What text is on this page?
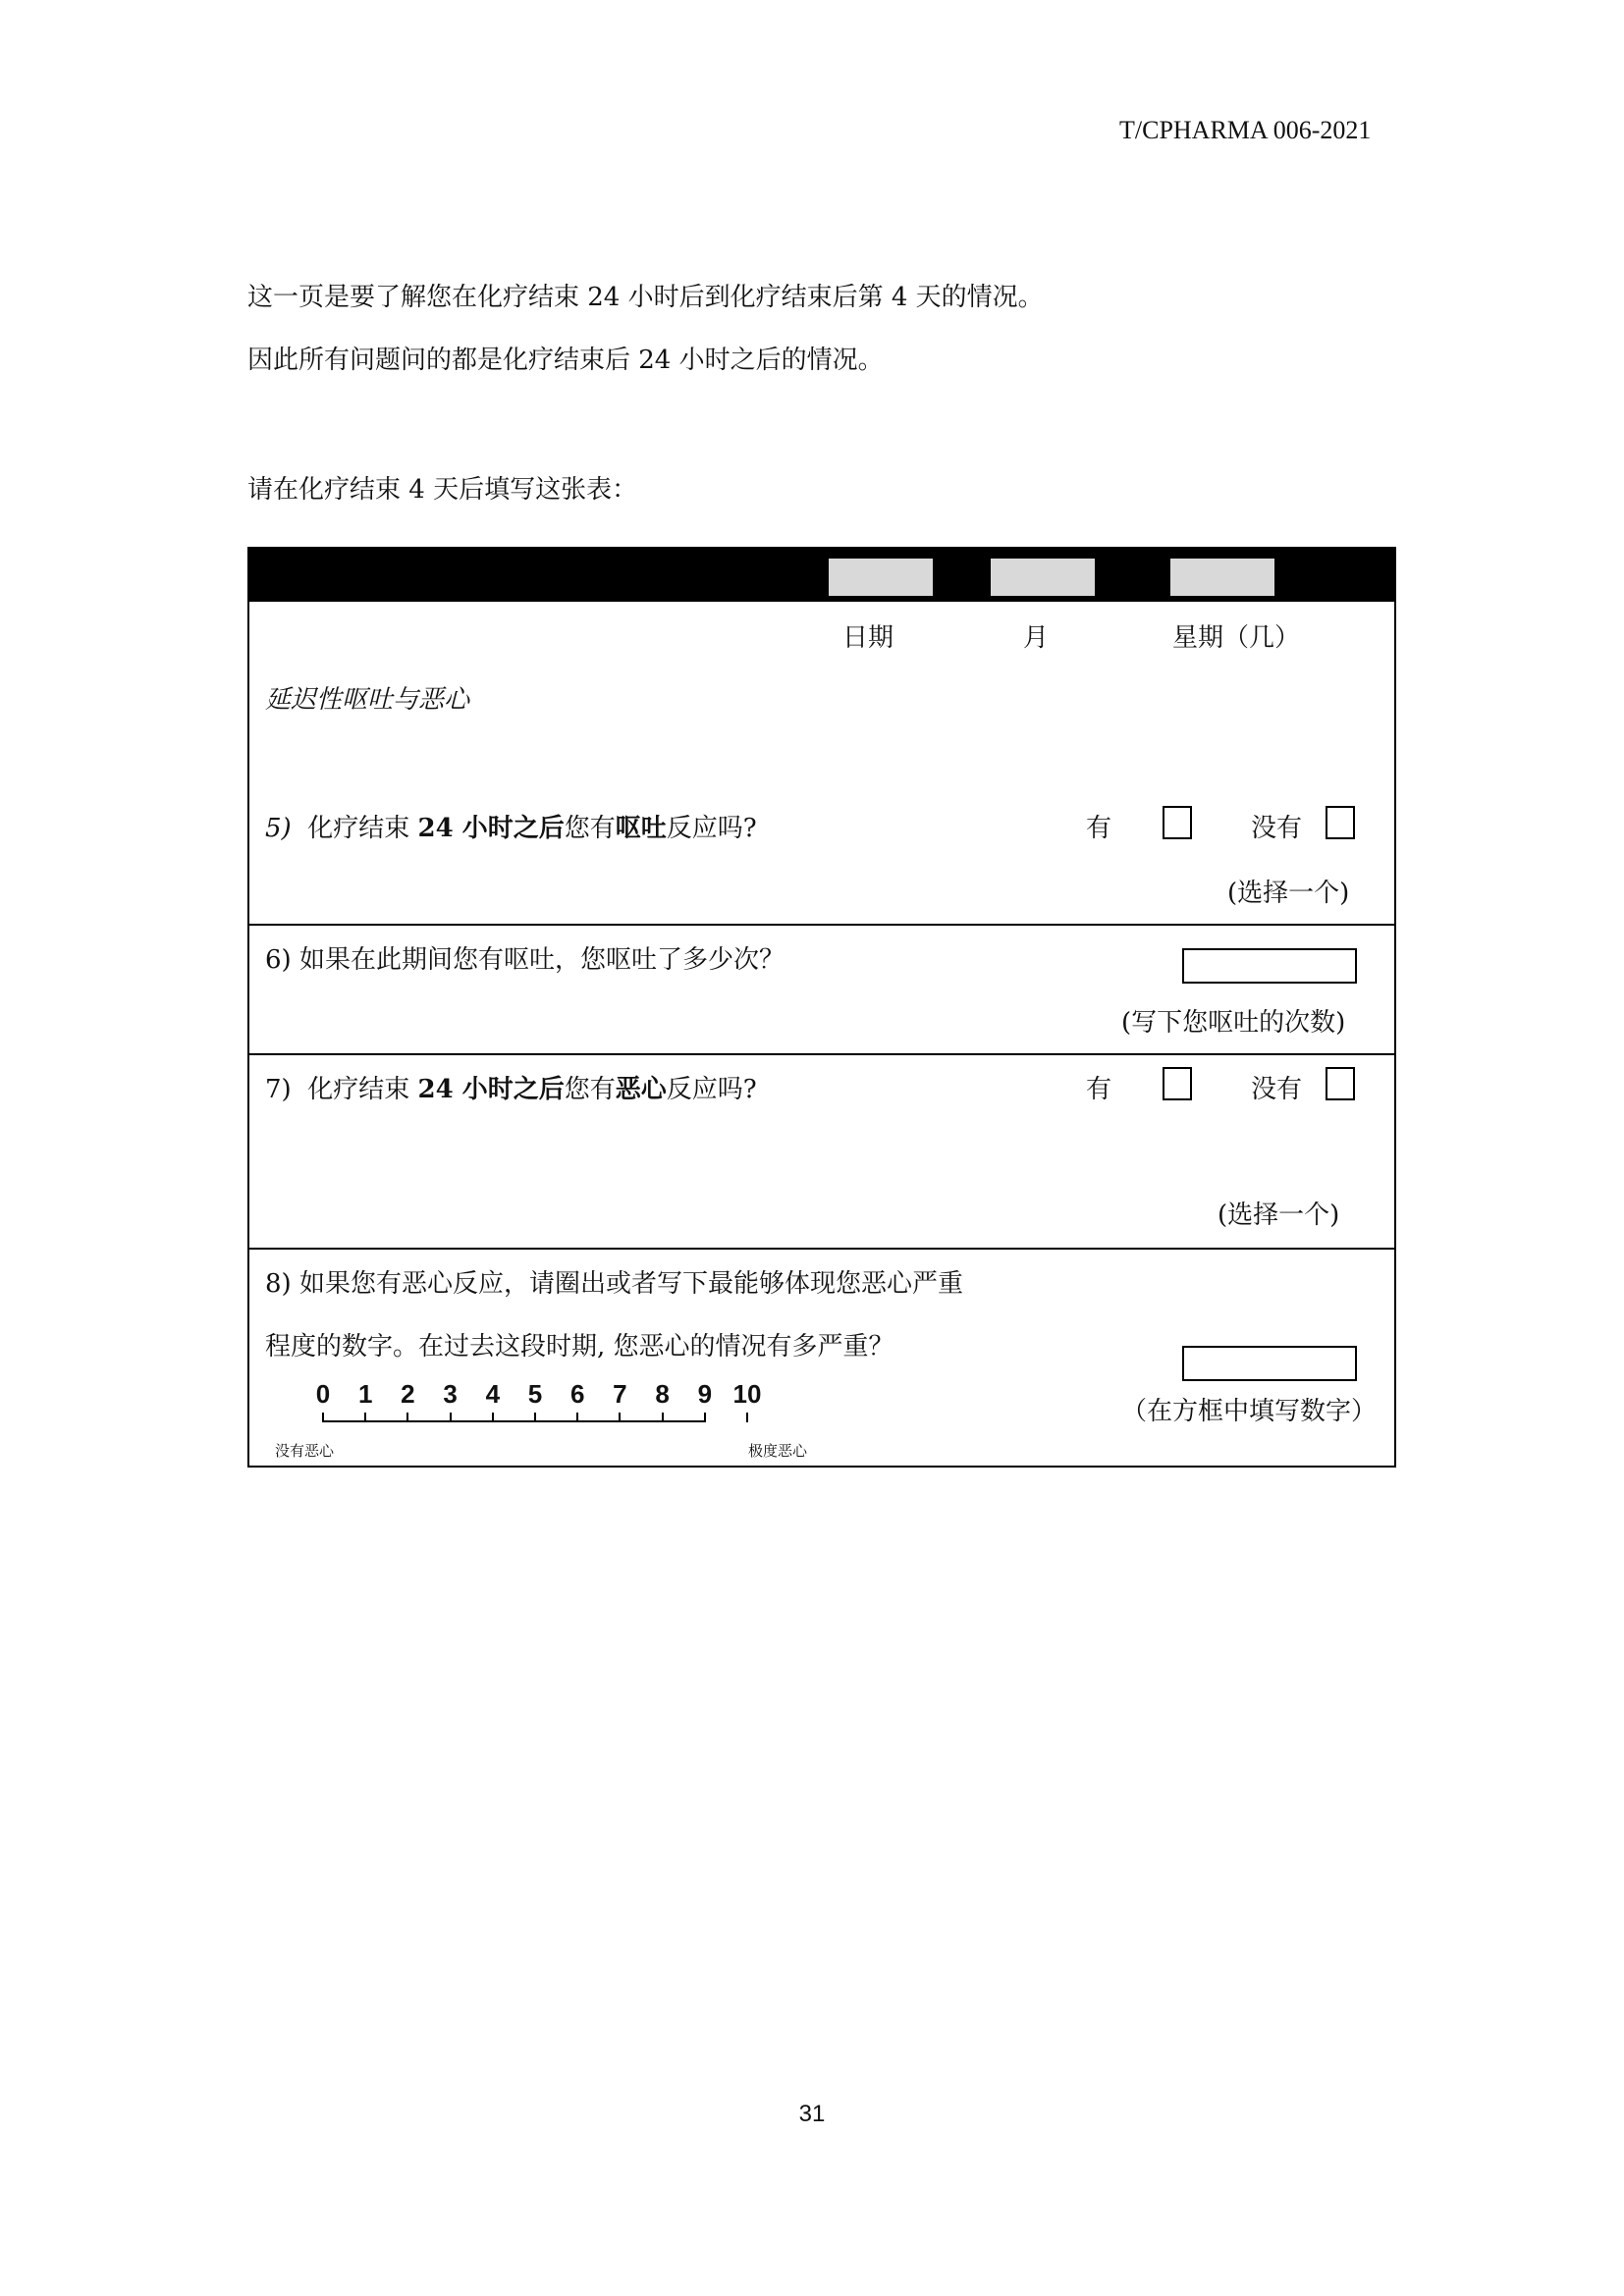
T/CPHARMA 006-2021
这一页是要了解您在化疗结束 24 小时后到化疗结束后第 4 天的情况。
因此所有问题问的都是化疗结束后 24 小时之后的情况。
请在化疗结束 4 天后填写这张表：
日期	月	星期（几）
延迟性呕吐与恶心
5) 化疗结束 24 小时之后您有呕吐反应吗?	有	没有
(选择一个)
6) 如果在此期间您有呕吐，您呕吐了多少次？
(写下您呕吐的次数)
7) 化疗结束 24 小时之后您有恶心反应吗?	有	没有
(选择一个)
8) 如果您有恶心反应，请圈出或者写下最能够体现您恶心严重
程度的数字。在过去这段时期, 您恶心的情况有多严重？
（在方框中填写数字）
没有恶心	极度恶心
0	1	2	3	4	5	6	7	8	9 10
31
